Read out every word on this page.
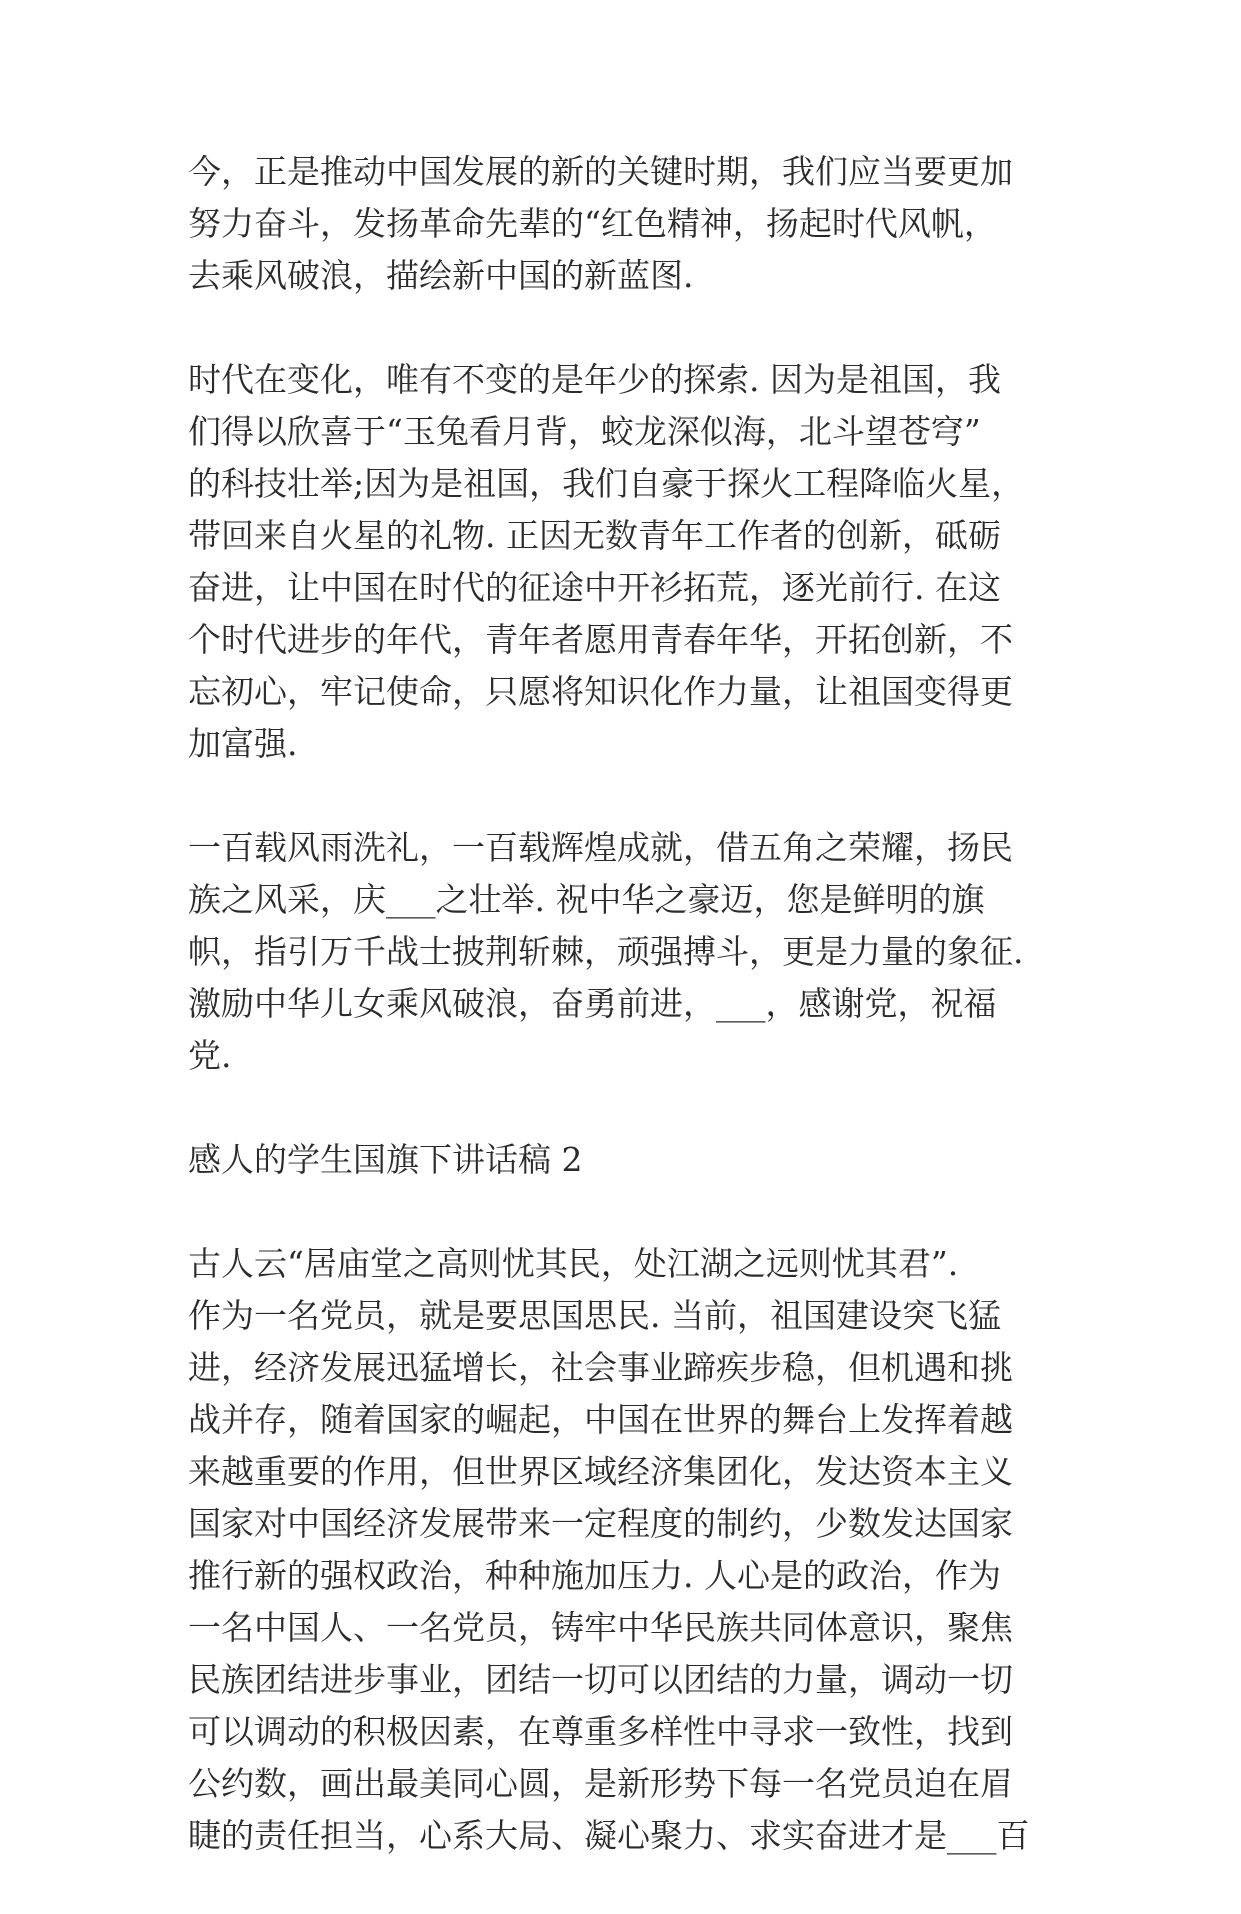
今，正是推动中国发展的新的关键时期，我们应当要更加
努力奋斗，发扬革命先辈的“红色精神，扬起时代风帆，
去乘风破浪，描绘新中国的新蓝图.
时代在变化，唯有不变的是年少的探索. 因为是祖国，我
们得以欣喜于“玉兔看月背，蛟龙深似海，北斗望苍穹”
的科技壮举;因为是祖国，我们自豪于探火工程降临火星，
带回来自火星的礼物. 正因无数青年工作者的创新，砥砺
奋进，让中国在时代的征途中开衫拓荒，逐光前行. 在这
个时代进步的年代，青年者愿用青春年华，开拓创新，不
忘初心，牢记使命，只愿将知识化作力量，让祖国变得更
加富强.
一百载风雨洗礼，一百载辉煌成就，借五角之荣耀，扬民
族之风采，庆___之壮举. 祝中华之豪迈，您是鲜明的旗
帜，指引万千战士披荆斩棘，顽强搏斗，更是力量的象征.
激励中华儿女乘风破浪，奋勇前进，___，感谢党，祝福
党.
感人的学生国旗下讲话稿 2
古人云“居庙堂之高则忧其民，处江湖之远则忧其君”.
作为一名党员，就是要思国思民. 当前，祖国建设突飞猛
进，经济发展迅猛增长，社会事业蹄疾步稳，但机遇和挑
战并存，随着国家的崛起，中国在世界的舞台上发挥着越
来越重要的作用，但世界区域经济集团化，发达资本主义
国家对中国经济发展带来一定程度的制约，少数发达国家
推行新的强权政治，种种施加压力. 人心是的政治，作为
一名中国人、一名党员，铸牢中华民族共同体意识，聚焦
民族团结进步事业，团结一切可以团结的力量，调动一切
可以调动的积极因素，在尊重多样性中寻求一致性，找到
公约数，画出最美同心圆，是新形势下每一名党员迫在眉
睫的责任担当，心系大局、凝心聚力、求实奋进才是___百
